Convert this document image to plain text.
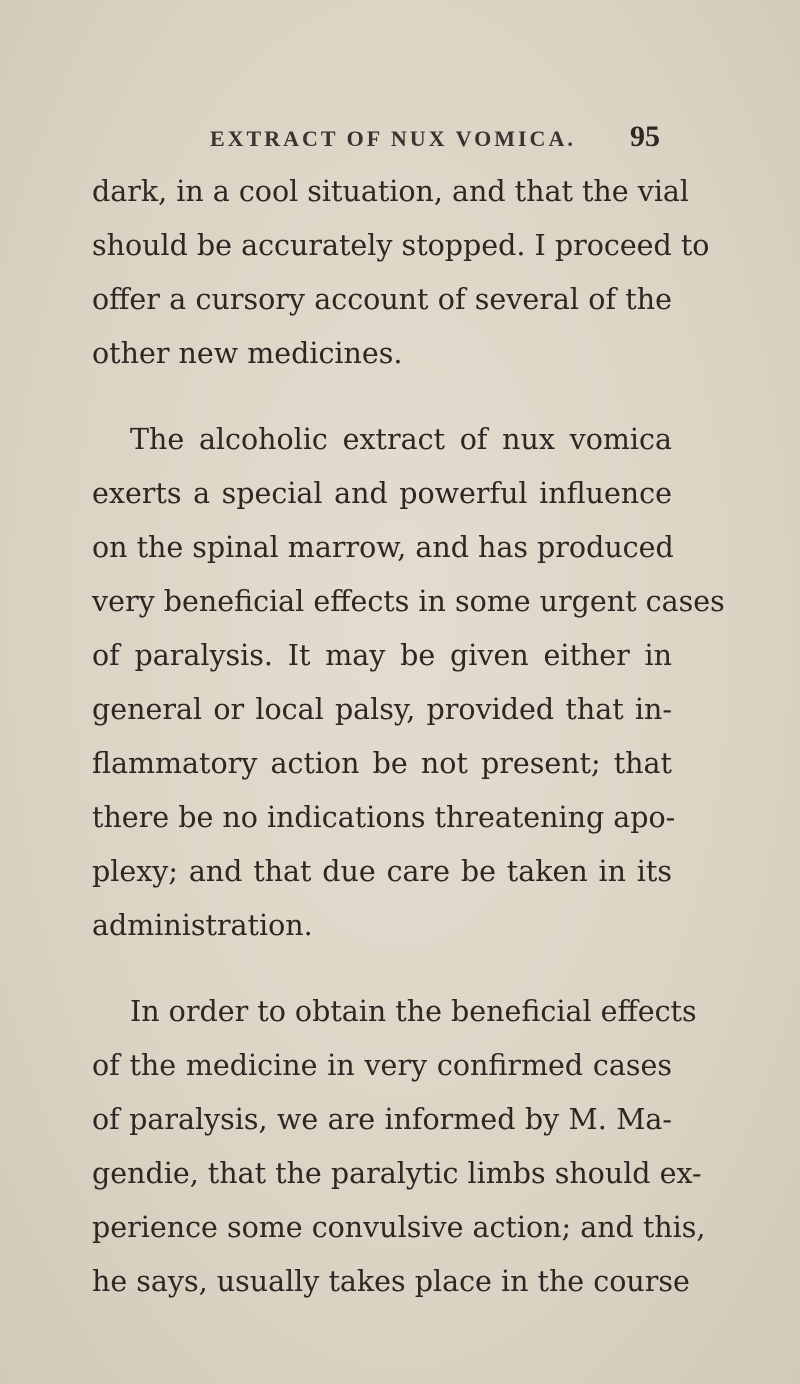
EXTRACT OF NUX VOMICA. 95
dark, in a cool situation, and that the vial
should be accurately stopped. I proceed to
offer a cursory account of several of the
other new medicines.
The alcoholic extract of nux vomica
exerts a special and powerful influence
on the spinal marrow, and has produced
very beneficial effects in some urgent cases
of paralysis. It may be given either in
general or local palsy, provided that in-
flammatory action be not present; that
there be no indications threatening apo-
plexy; and that due care be taken in its
administration.
In order to obtain the beneficial effects
of the medicine in very confirmed cases
of paralysis, we are informed by M. Ma-
gendie, that the paralytic limbs should ex-
perience some convulsive action; and this,
he says, usually takes place in the course
